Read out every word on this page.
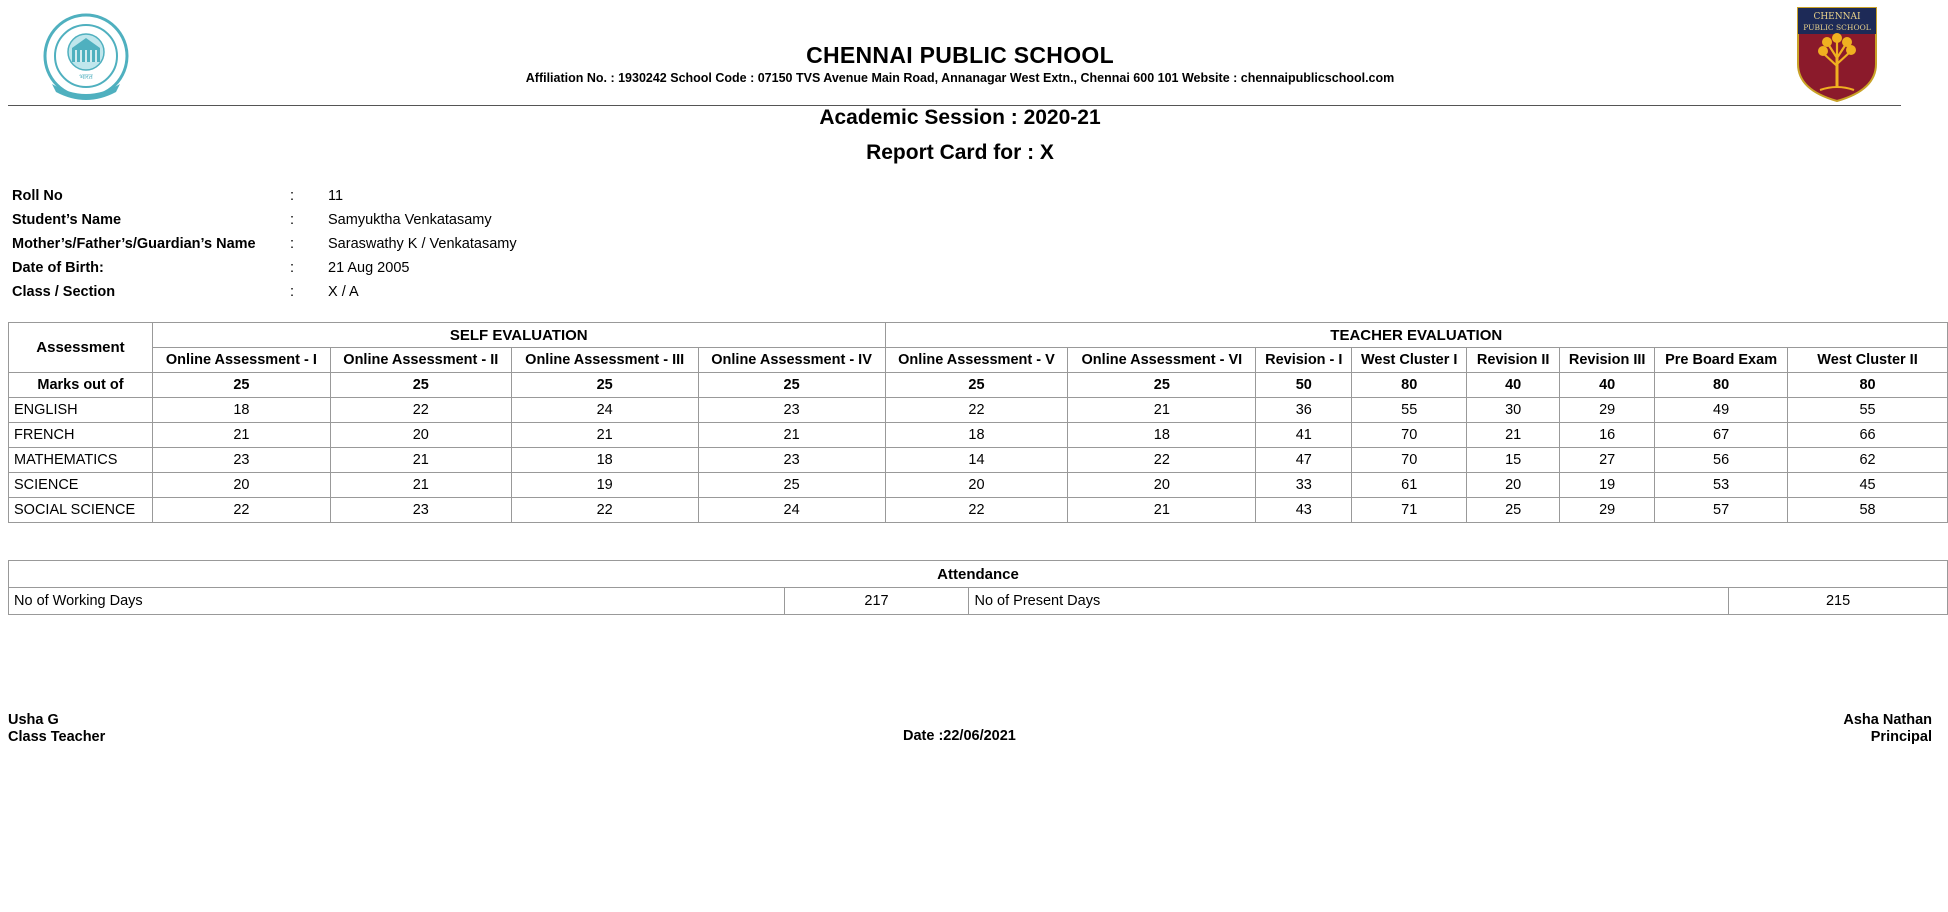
भारत
CHENNAI PUBLIC SCHOOL
Affiliation No. : 1930242 School Code : 07150 TVS Avenue Main Road, Annanagar West Extn., Chennai 600 101 Website : chennaipublicschool.com
CHENNAI
PUBLIC SCHOOL
Academic Session : 2020-21
Report Card for : X
Roll No	: 11
Student’s Name	: Samyuktha Venkatasamy
Mother’s/Father’s/Guardian’s Name : Saraswathy K / Venkatasamy
Date of Birth:	: 21 Aug 2005
Class / Section	: X / A
Assessment	SELF EVALUATION				TEACHER EVALUATION							
	Online Assessment - I	Online Assessment - II	Online Assessment - III	Online Assessment - IV	Online Assessment - V	Online Assessment - VI	Revision - I	West Cluster I	Revision II	Revision III	Pre Board Exam	West Cluster II
Marks out of	25	25	25	25	25	25	50	80	40	40	80	80
ENGLISH	18	22	24	23	22	21	36	55	30	29	49	55
FRENCH	21	20	21	21	18	18	41	70	21	16	67	66
MATHEMATICS	23	21	18	23	14	22	47	70	15	27	56	62
SCIENCE	20	21	19	25	20	20	33	61	20	19	53	45
SOCIAL SCIENCE	22	23	22	24	22	21	43	71	25	29	57	58
Attendance
No of Working Days	217	No of Present Days	215
Usha G
Class Teacher	Date :22/06/2021
Asha Nathan
Principal
